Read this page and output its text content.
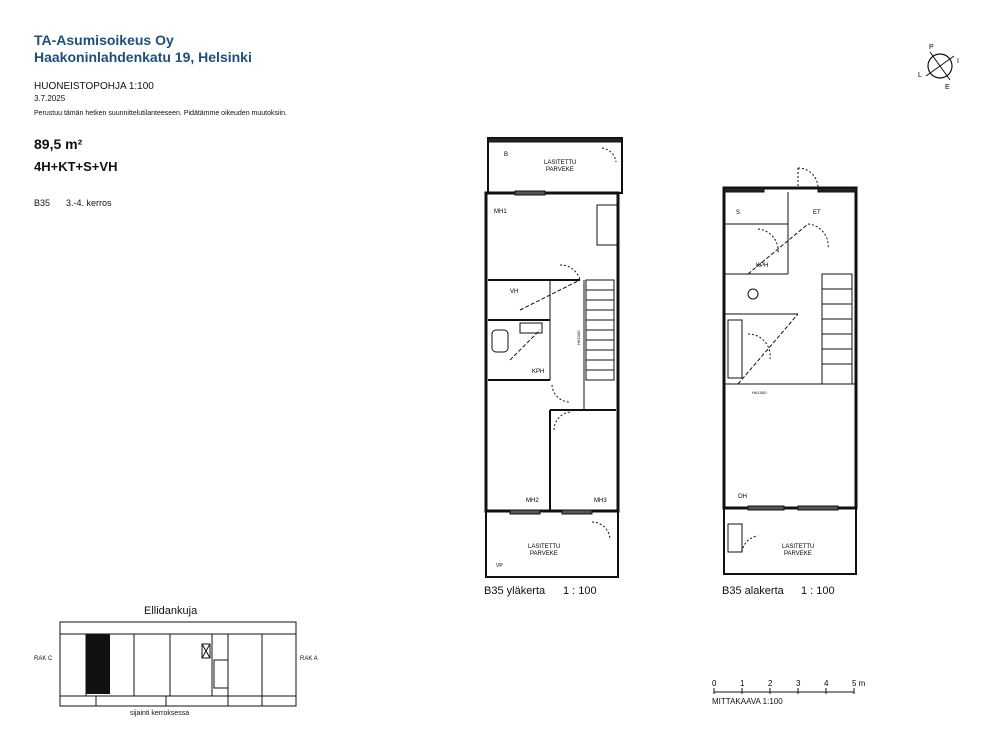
TA-Asumisoikeus Oy
Haakoninlahdenkatu 19, Helsinki
HUONEISTOPOHJA 1:100
3.7.2025
Perustuu tämän hetken suunnittelutilanteeseen. Pidätämme oikeuden muutoksiin.
89,5 m²
4H+KT+S+VH
B35 3.-4. kerros
P
I
E
L
LASITETTU
PARVEKE
B
MH1
VH
KPH
MH2	MH3
LASITETTU
PARVEKE
VP
HK1000
B35 yläkerta 1 : 100
S	ET
KPH
OH
HK1000
LASITETTU
PARVEKE
B35 alakerta 1 : 100
Ellidankuja
RAK C	RAK A
sijainti kerroksessa
0	1	2	3	4	5 m
MITTAKAAVA 1:100
